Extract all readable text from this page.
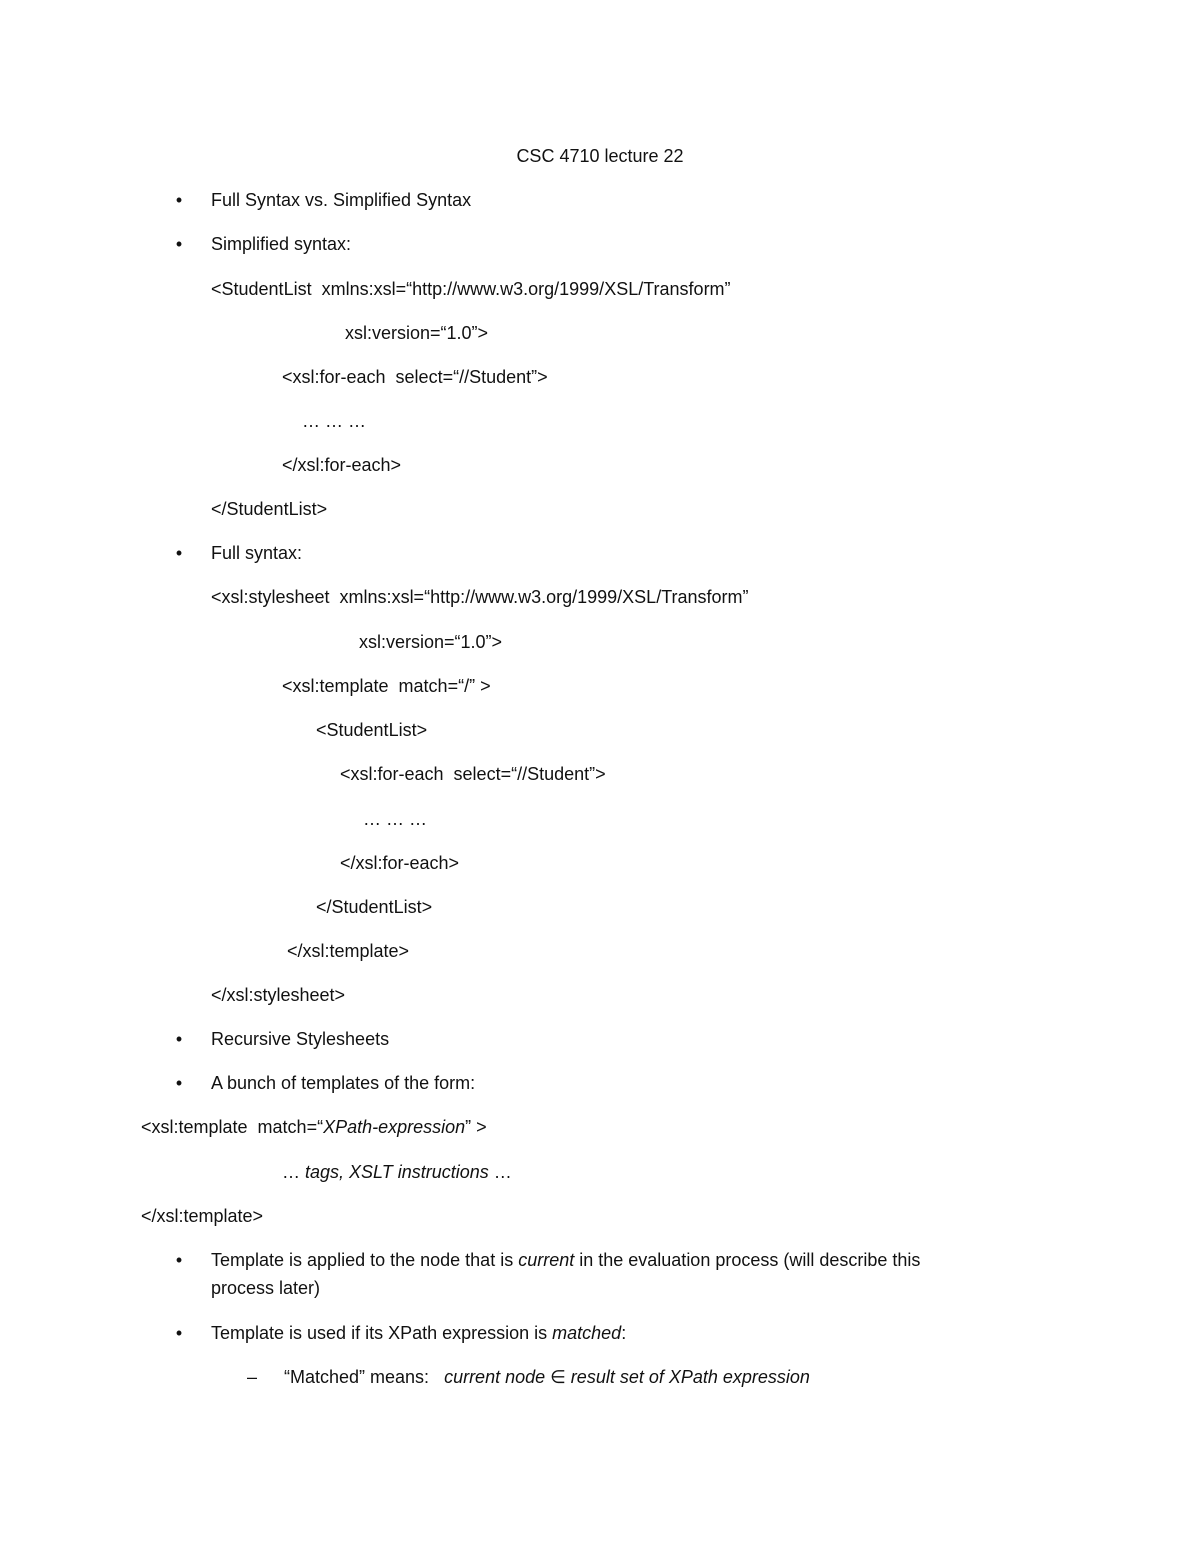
CSC 4710 lecture 22
• Full Syntax vs. Simplified Syntax
• Simplified syntax:
<StudentList  xmlns:xsl=“http://www.w3.org/1999/XSL/Transform”
xsl:version=“1.0”>
<xsl:for-each  select=“//Student”>
… … …
</xsl:for-each>
</StudentList>
• Full syntax:
<xsl:stylesheet  xmlns:xsl=“http://www.w3.org/1999/XSL/Transform”
xsl:version=“1.0”>
<xsl:template  match=“/” >
<StudentList>
<xsl:for-each  select=“//Student”>
… … …
</xsl:for-each>
</StudentList>
</xsl:template>
</xsl:stylesheet>
• Recursive Stylesheets
• A bunch of templates of the form:
<xsl:template  match=“XPath-expression” >
… tags, XSLT instructions …
</xsl:template>
• Template is applied to the node that is current in the evaluation process (will describe this
process later)
• Template is used if its XPath expression is matched:
– “Matched” means:   current node ∈ result set of XPath expression
